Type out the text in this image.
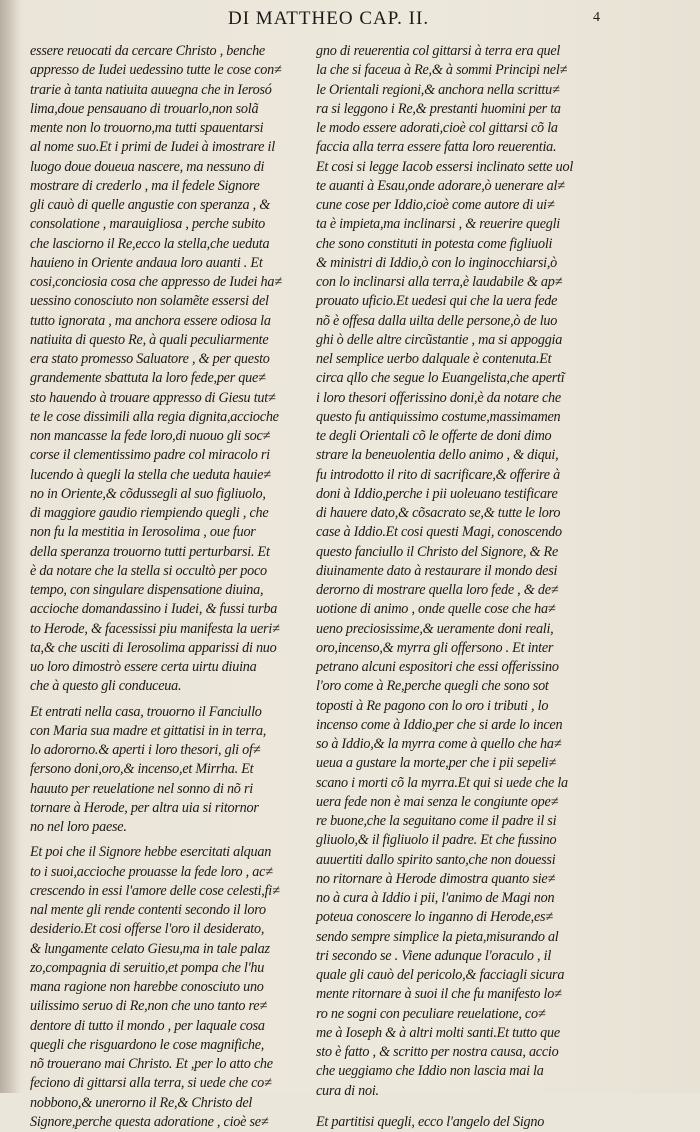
DI MATTHEO CAP. II.	4
essere reuocati da cercare Christo , benche
appresso de Iudei uedessino tutte le cose con≠
trarie à tanta natiuita auuegna che in Ierosó
lima,doue pensauano di trouarlo,non solã
mente non lo trouorno,ma tutti spauentarsi
al nome suo.Et i primi de Iudei à imostrare il
luogo doue doueua nascere, ma nessuno di
mostrare di crederlo , ma il fedele Signore
gli cauò di quelle angustie con speranza , &
consolatione , marauigliosa , perche subito
che lasciorno il Re,ecco la stella,che ueduta
hauieno in Oriente andaua loro auanti . Et
cosi,conciosia cosa che appresso de Iudei ha≠
uessino conosciuto non solamẽte essersi del
tutto ignorata , ma anchora essere odiosa la
natiuita di questo Re, à quali peculiarmente
era stato promesso Saluatore , & per questo
grandemente sbattuta la loro fede,per que≠
sto hauendo à trouare appresso di Giesu tut≠
te le cose dissimili alla regia dignita,accioche
non mancasse la fede loro,di nuouo gli soc≠
corse il clementissimo padre col miracolo ri
lucendo à quegli la stella che ueduta hauie≠
no in Oriente,& cõdussegli al suo figliuolo,
di maggiore gaudio riempiendo quegli , che
non fu la mestitia in Ierosolima , oue fuor
della speranza trouorno tutti perturbarsi. Et
è da notare che la stella si occultò per poco
tempo, con singulare dispensatione diuina,
accioche domandassino i Iudei, & fussi turba
to Herode, & facessissi piu manifesta la ueri≠
ta,& che usciti di Ierosolima apparissi di nuo
uo loro dimostrò essere certa uirtu diuina
che à questo gli conduceua.
Et entrati nella casa, trouorno il Fanciullo
con Maria sua madre et gittatisi in in terra,
lo adororno.& aperti i loro thesori, gli of≠
fersono doni,oro,& incenso,et Mirrha. Et
hauuto per reuelatione nel sonno di nõ ri
tornare à Herode, per altra uia si ritornor
no nel loro paese.
Et poi che il Signore hebbe esercitati alquan
to i suoi,accioche prouasse la fede loro , ac≠
crescendo in essi l'amore delle cose celesti,fi≠
nal mente gli rende contenti secondo il loro
desiderio.Et cosi offerse l'oro il desiderato,
& lungamente celato Giesu,ma in tale palaz
zo,compagnia di seruitio,et pompa che l'hu
mana ragione non harebbe conosciuto uno
uilissimo seruo di Re,non che uno tanto re≠
dentore di tutto il mondo , per laquale cosa
quegli che risguardono le cose magnifiche,
nõ trouerano mai Christo. Et ,per lo atto che
feciono di gittarsi alla terra, si uede che co≠
nobbono,& unerorno il Re,& Christo del
Signore,perche questa adoratione , cioè se≠
gno di reuerentia col gittarsi à terra era quel
la che si faceua à Re,& à sommi Principi nel≠
le Orientali regioni,& anchora nella scrittu≠
ra si leggono i Re,& prestanti huomini per ta
le modo essere adorati,cioè col gittarsi cõ la
faccia alla terra essere fatta loro reuerentia.
Et cosi si legge Iacob essersi inclinato sette uol
te auanti à Esau,onde adorare,ò uenerare al≠
cune cose per Iddio,cioè come autore di ui≠
ta è impieta,ma inclinarsi , & reuerire quegli
che sono constituti in potesta come figliuoli
& ministri di Iddio,ò con lo inginocchiarsi,ò
con lo inclinarsi alla terra,è laudabile & ap≠
prouato uficio.Et uedesi qui che la uera fede
nõ è offesa dalla uilta delle persone,ò de luo
ghi ò delle altre circũstantie , ma si appoggia
nel semplice uerbo dalquale è contenuta.Et
circa qllo che segue lo Euangelista,che apertĩ
i loro thesori offerissino doni,è da notare che
questo fu antiquissimo costume,massimamen
te degli Orientali cõ le offerte de doni dimo
strare la beneuolentia dello animo , & diqui,
fu introdotto il rito di sacrificare,& offerire à
doni à Iddio,perche i pii uoleuano testificare
di hauere dato,& cõsacrato se,& tutte le loro
case à Iddio.Et cosi questi Magi, conoscendo
questo fanciullo il Christo del Signore, & Re
diuinamente dato à restaurare il mondo desi
derorno di mostrare quella loro fede , & de≠
uotione di animo , onde quelle cose che ha≠
ueno preciosissime,& ueramente doni reali,
oro,incenso,& myrra gli offersono . Et inter
petrano alcuni espositori che essi offerissino
l'oro come à Re,perche quegli che sono sot
toposti à Re pagono con lo oro i tributi , lo
incenso come à Iddio,per che si arde lo incen
so à Iddio,& la myrra come à quello che ha≠
ueua a gustare la morte,per che i pii sepeli≠
scano i morti cõ la myrra.Et qui si uede che la
uera fede non è mai senza le congiunte ope≠
re buone,che la seguitano come il padre il si
gliuolo,& il figliuolo il padre. Et che fussino
auuertiti dallo spirito santo,che non douessi
no ritornare à Herode dimostra quanto sie≠
no à cura à Iddio i pii, l'animo de Magi non
poteua conoscere lo inganno di Herode,es≠
sendo sempre simplice la pieta,misurando al
tri secondo se . Viene adunque l'oraculo , il
quale gli cauò del pericolo,& facciagli sicura
mente ritornare à suoi il che fu manifesto lo≠
ro ne sogni con peculiare reuelatione, co≠
me à Ioseph & à altri molti santi.Et tutto que
sto è fatto , & scritto per nostra causa, accio
che ueggiamo che Iddio non lascia mai la
cura di noi.
Et partitisi quegli, ecco l'angelo del Signo
